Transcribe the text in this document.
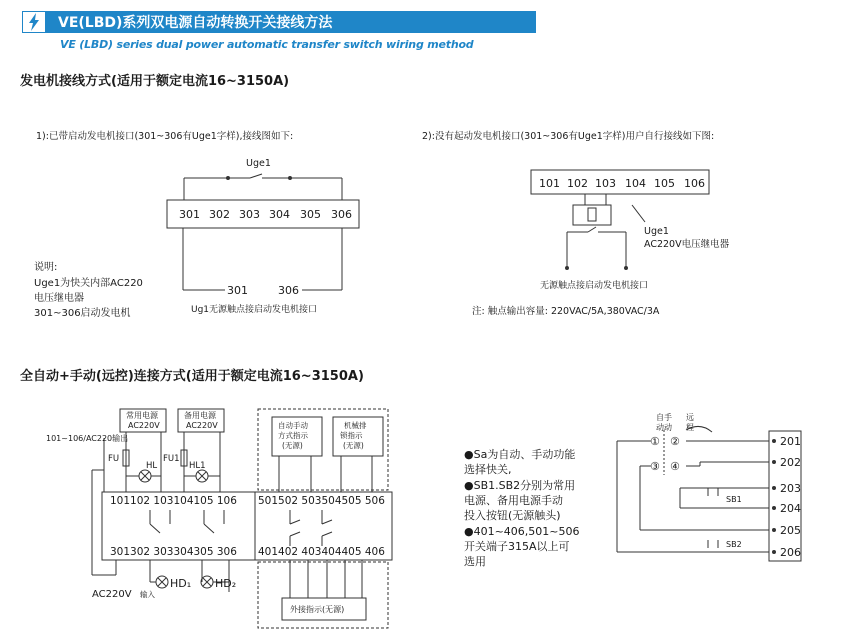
VE(LBD)系列双电源自动转换开关接线方法
VE (LBD) series dual power automatic transfer switch wiring method
发电机接线方式(适用于额定电流16~3150A)
全自动+手动(远控)连接方式(适用于额定电流16~3150A)
1):已带启动发电机接口(301~306有Uge1字样),接线图如下:
Uge1
301 302 303 304 305 306
301	306
说明:
Uge1为快关内部AC220
电压继电器
301~306启动发电机	Ug1无源触点接启动发电机接口
2):没有起动发电机接口(301~306有Uge1字样)用户自行接线如下图:
101 102 103 104 105 106
Uge1
AC220V电压继电器
无源触点接启动发电机接口
注: 触点输出容量: 220VAC/5A,380VAC/3A
常用电源
AC220V
备用电源
AC220V
101~106/AC220输出
FU	FU1
HL	HL1
101102 103104105 106 501502 503504505 506
301302 303304305 306 401402 403404405 406
自动手动
方式指示
(无源)
机械排
锁指示
(无源)
HD₁ HD₂
AC220V 输入
外接指示(无源)
●Sa为自动、手动功能
选择快关,
●SB1.SB2分别为常用
电源、备用电源手动
投入按钮(无源触头)
●401~406,501~506
开关端子315A以上可
选用
自手
动动
远
程
① ②
③ ④
SB1
SB2
201
202
203
204
205
206
